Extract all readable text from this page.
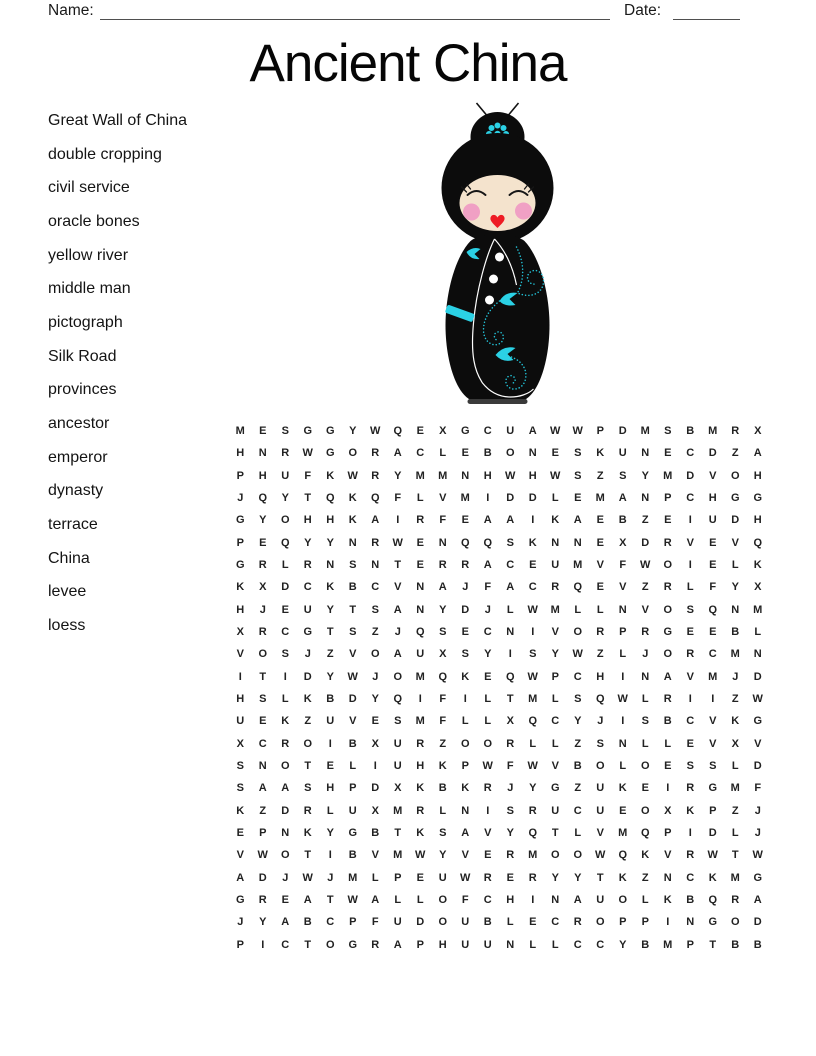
Name:	Date:
Ancient China
Great Wall of China
double cropping
civil service
oracle bones
yellow river
middle man
pictograph
Silk Road
provinces
ancestor
emperor
dynasty
terrace
China
levee
loess
M	E	S	G	G	Y	W	Q	E	X	G	C	U	A	W	W	P	D	M	S	B	M	R	X
H	N	R	W	G	O	R	A	C	L	E	B	O	N	E	S	K	U	N	E	C	D	Z	A
P	H	U	F	K	W	R	Y	M	M	N	H	W	H	W	S	Z	S	Y	M	D	V	O	H
J	Q	Y	T	Q	K	Q	F	L	V	M	I	D	D	L	E	M	A	N	P	C	H	G	G
G	Y	O	H	H	K	A	I	R	F	E	A	A	I	K	A	E	B	Z	E	I	U	D	H
P	E	Q	Y	Y	N	R	W	E	N	Q	Q	S	K	N	N	E	X	D	R	V	E	V	Q
G	R	L	R	N	S	N	T	E	R	R	A	C	E	U	M	V	F	W	O	I	E	L	K
K	X	D	C	K	B	C	V	N	A	J	F	A	C	R	Q	E	V	Z	R	L	F	Y	X
H	J	E	U	Y	T	S	A	N	Y	D	J	L	W	M	L	L	N	V	O	S	Q	N	M
X	R	C	G	T	S	Z	J	Q	S	E	C	N	I	V	O	R	P	R	G	E	E	B	L
V	O	S	J	Z	V	O	A	U	X	S	Y	I	S	Y	W	Z	L	J	O	R	C	M	N
I	T	I	D	Y	W	J	O	M	Q	K	E	Q	W	P	C	H	I	N	A	V	M	J	D
H	S	L	K	B	D	Y	Q	I	F	I	L	T	M	L	S	Q	W	L	R	I	I	Z	W
U	E	K	Z	U	V	E	S	M	F	L	L	X	Q	C	Y	J	I	S	B	C	V	K	G
X	C	R	O	I	B	X	U	R	Z	O	O	R	L	L	Z	S	N	L	L	E	V	X	V
S	N	O	T	E	L	I	U	H	K	P	W	F	W	V	B	O	L	O	E	S	S	L	D
S	A	A	S	H	P	D	X	K	B	K	R	J	Y	G	Z	U	K	E	I	R	G	M	F
K	Z	D	R	L	U	X	M	R	L	N	I	S	R	U	C	U	E	O	X	K	P	Z	J
E	P	N	K	Y	G	B	T	K	S	A	V	Y	Q	T	L	V	M	Q	P	I	D	L	J
V	W	O	T	I	B	V	M	W	Y	V	E	R	M	O	O	W	Q	K	V	R	W	T	W
A	D	J	W	J	M	L	P	E	U	W	R	E	R	Y	Y	T	K	Z	N	C	K	M	G
G	R	E	A	T	W	A	L	L	O	F	C	H	I	N	A	U	O	L	K	B	Q	R	A
J	Y	A	B	C	P	F	U	D	O	U	B	L	E	C	R	O	P	P	I	N	G	O	D
P	I	C	T	O	G	R	A	P	H	U	U	N	L	L	C	C	Y	B	M	P	T	B	B
